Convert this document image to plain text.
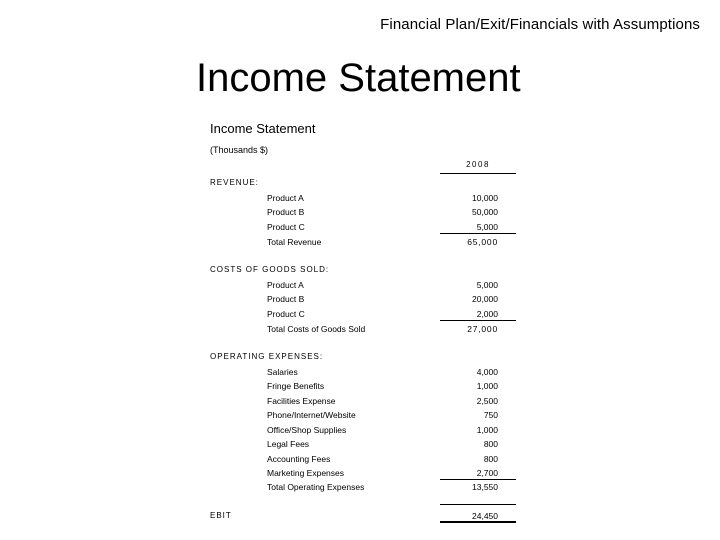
Financial Plan/Exit/Financials with Assumptions
Income Statement
Income Statement
(Thousands $)
2008
REVENUE:
Product A	10,000
Product B	50,000
Product C	5,000
Total Revenue	65,000
COSTS OF GOODS SOLD:
Product A	5,000
Product B	20,000
Product C	2,000
Total Costs of Goods Sold	27,000
OPERATING EXPENSES:
Salaries	4,000
Fringe Benefits	1,000
Facilities Expense	2,500
Phone/Internet/Website	750
Office/Shop Supplies	1,000
Legal Fees	800
Accounting Fees	800
Marketing Expenses	2,700
Total Operating Expenses	13,550
EBIT	24,450
